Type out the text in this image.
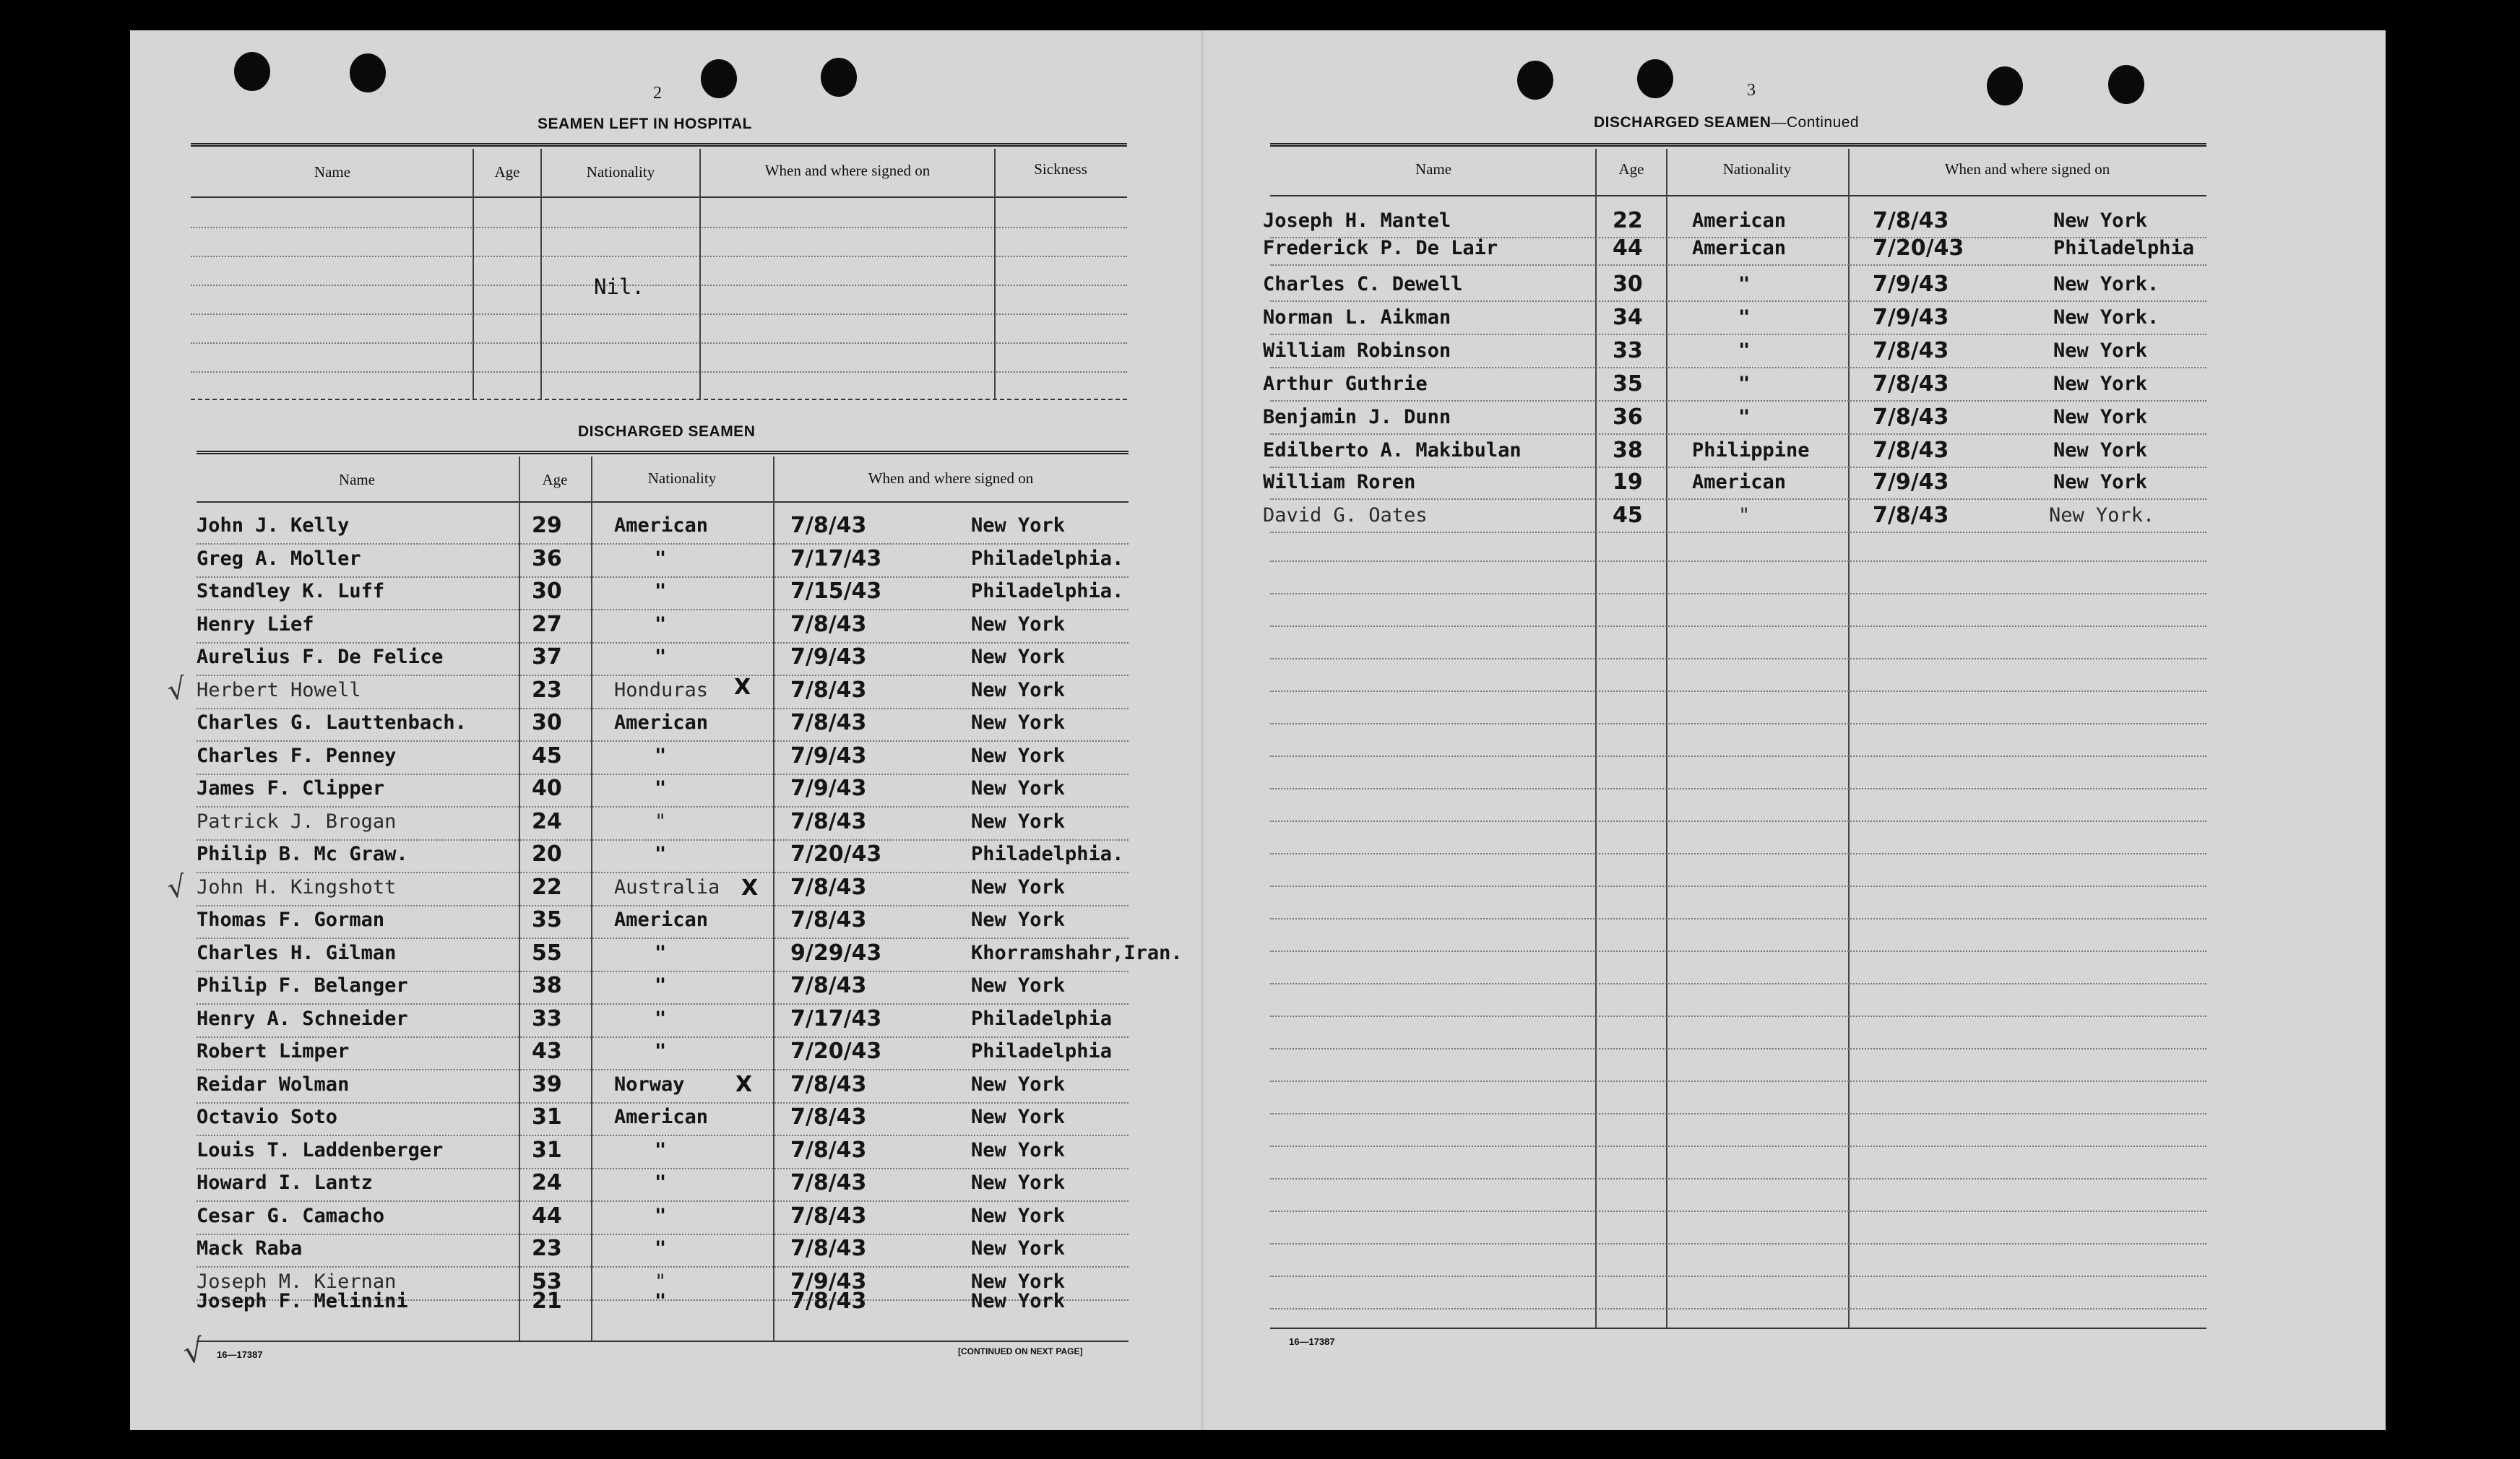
2
SEAMEN LEFT IN HOSPITAL
Name	Age	Nationality	When and where signed on	Sickness
Nil.
DISCHARGED SEAMEN
Name	Age	Nationality	When and where signed on
John J. Kelly	29	American	7/8/43	New York
Greg A. Moller	36	"	7/17/43	Philadelphia.
Standley K. Luff	30	"	7/15/43	Philadelphia.
Henry Lief	27	"	7/8/43	New York
Aurelius F. De Felice	37	"	7/9/43	New York
Herbert Howell	23	Honduras	7/8/43	New York
Charles G. Lauttenbach.	30	American	7/8/43	New York
Charles F. Penney	45	"	7/9/43	New York
James F. Clipper	40	"	7/9/43	New York
Patrick J. Brogan	24	"	7/8/43	New York
Philip B. Mc Graw.	20	"	7/20/43	Philadelphia.
John H. Kingshott	22	Australia	7/8/43	New York
Thomas F. Gorman	35	American	7/8/43	New York
Charles H. Gilman	55	"	9/29/43	Khorramshahr,Iran.
Philip F. Belanger	38	"	7/8/43	New York
Henry A. Schneider	33	"	7/17/43	Philadelphia
Robert Limper	43	"	7/20/43	Philadelphia
Reidar Wolman	39	Norway	7/8/43	New York
Octavio Soto	31	American	7/8/43	New York
Louis T. Laddenberger	31	"	7/8/43	New York
Howard I. Lantz	24	"	7/8/43	New York
Cesar G. Camacho	44	"	7/8/43	New York
Mack Raba	23	"	7/8/43	New York
Joseph M. Kiernan	53	"	7/9/43	New York
Joseph F. Melinini	21	"	7/8/43	New York
16—17387	[CONTINUED ON NEXT PAGE]
√
3
DISCHARGED SEAMEN—Continued
Name	Age	Nationality	When and where signed on
Joseph H. Mantel	22	American	7/8/43	New York
Frederick P. De Lair	44	American	7/20/43	Philadelphia
Charles C. Dewell	30	"	7/9/43	New York.
Norman L. Aikman	34	"	7/9/43	New York.
William Robinson	33	"	7/8/43	New York
Arthur Guthrie	35	"	7/8/43	New York
Benjamin J. Dunn	36	"	7/8/43	New York
Edilberto A. Makibulan	38	Philippine	7/8/43	New York
William Roren	19	American	7/9/43	New York
David G. Oates	45	"	7/8/43	New York.
16—17387
√
√
X
X
X
